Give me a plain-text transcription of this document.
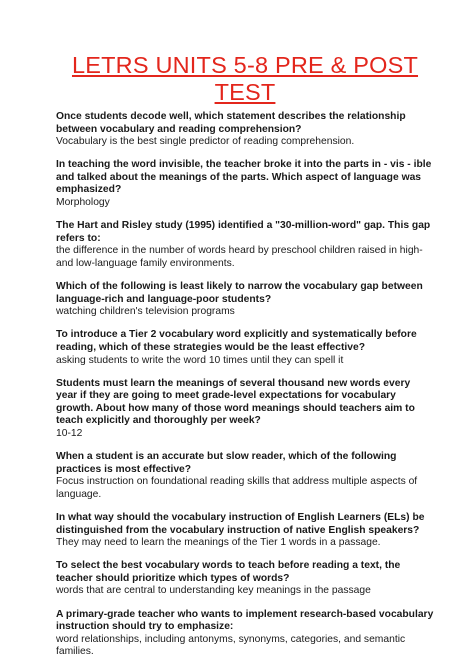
LETRS UNITS 5-8 PRE & POST TEST

Once students decode well, which statement describes the relationship between vocabulary and reading comprehension?

Vocabulary is the best single predictor of reading comprehension.

In teaching the word invisible, the teacher broke it into the parts in - vis - ible and talked about the meanings of the parts. Which aspect of language was emphasized?

Morphology

The Hart and Risley study (1995) identified a "30-million-word" gap. This gap refers to:

the difference in the number of words heard by preschool children raised in high- and low-language family environments.

Which of the following is least likely to narrow the vocabulary gap between language-rich and language-poor students?

watching children's television programs

To introduce a Tier 2 vocabulary word explicitly and systematically before reading, which of these strategies would be the least effective?

asking students to write the word 10 times until they can spell it

Students must learn the meanings of several thousand new words every year if they are going to meet grade-level expectations for vocabulary growth. About how many of those word meanings should teachers aim to teach explicitly and thoroughly per week?

10-12

When a student is an accurate but slow reader, which of the following practices is most effective?

Focus instruction on foundational reading skills that address multiple aspects of language.

In what way should the vocabulary instruction of English Learners (ELs) be distinguished from the vocabulary instruction of native English speakers?

They may need to learn the meanings of the Tier 1 words in a passage.

To select the best vocabulary words to teach before reading a text, the teacher should prioritize which types of words?

words that are central to understanding key meanings in the passage

A primary-grade teacher who wants to implement research-based vocabulary instruction should try to emphasize:

word relationships, including antonyms, synonyms, categories, and semantic families.
